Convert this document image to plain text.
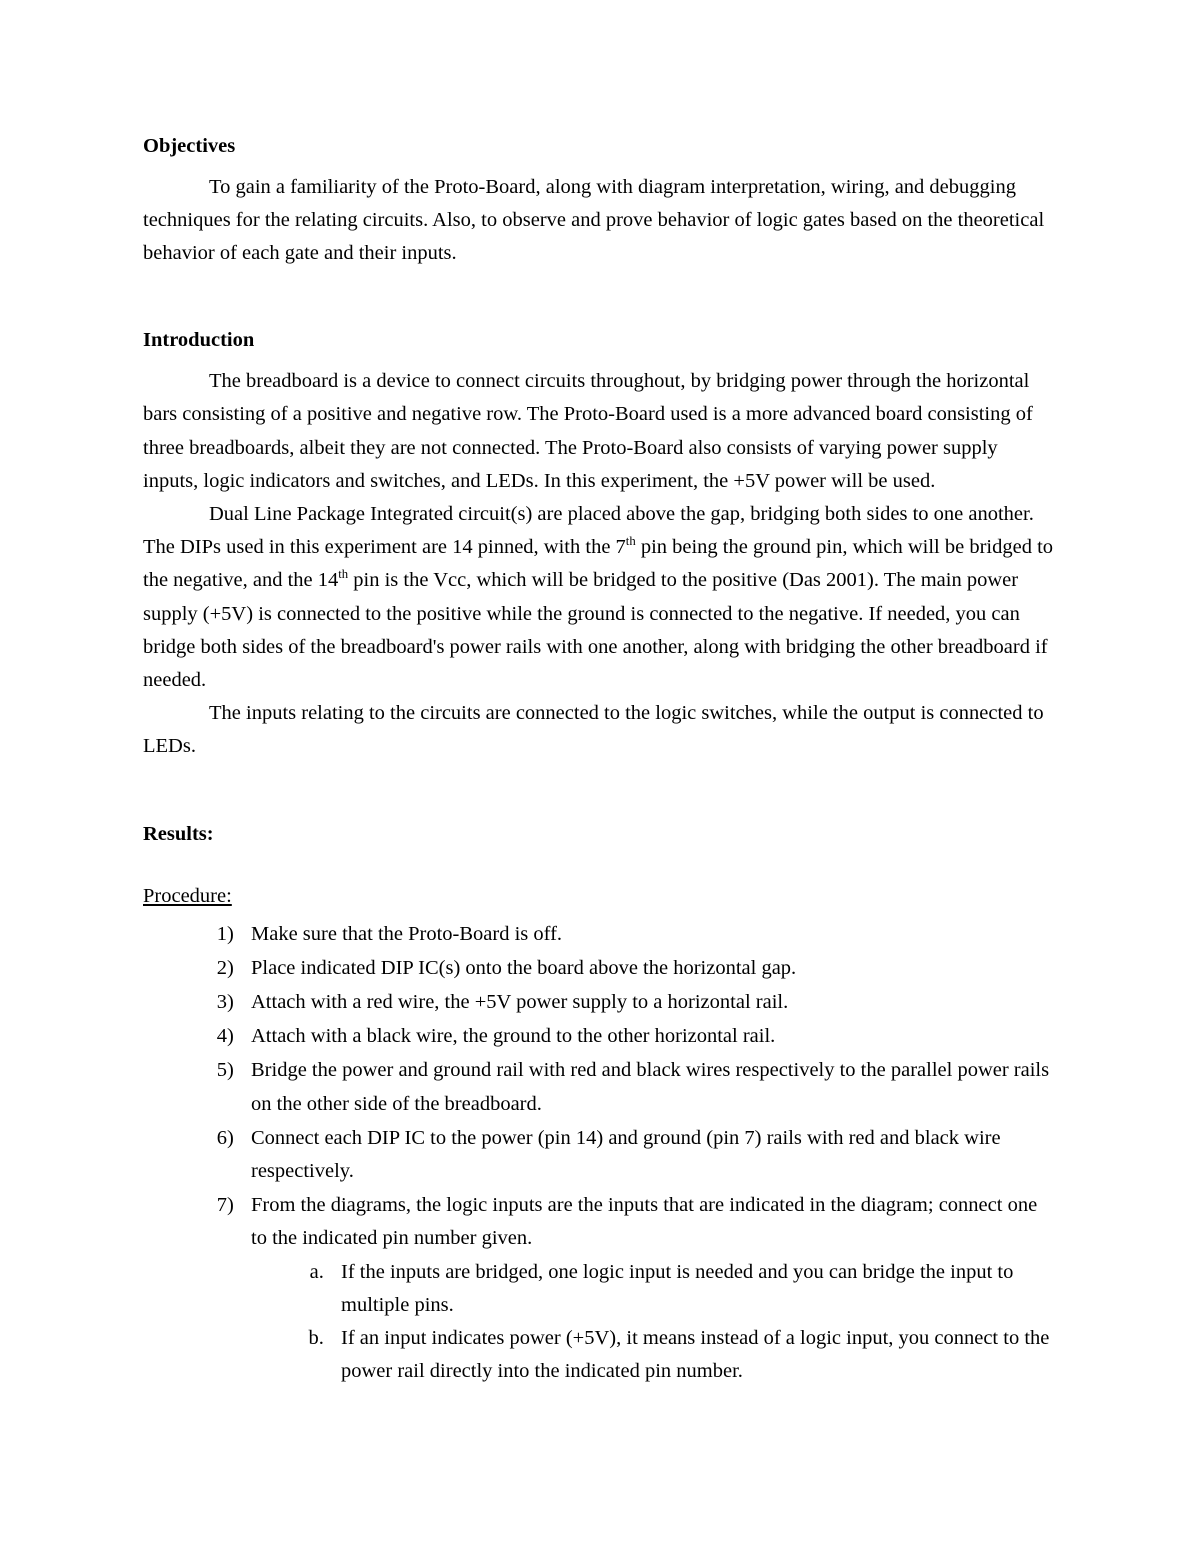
Objectives

To gain a familiarity of the Proto-Board, along with diagram interpretation, wiring, and debugging techniques for the relating circuits. Also, to observe and prove behavior of logic gates based on the theoretical behavior of each gate and their inputs.

Introduction

The breadboard is a device to connect circuits throughout, by bridging power through the horizontal bars consisting of a positive and negative row. The Proto-Board used is a more advanced board consisting of three breadboards, albeit they are not connected. The Proto-Board also consists of varying power supply inputs, logic indicators and switches, and LEDs. In this experiment, the +5V power will be used.

Dual Line Package Integrated circuit(s) are placed above the gap, bridging both sides to one another. The DIPs used in this experiment are 14 pinned, with the 7th pin being the ground pin, which will be bridged to the negative, and the 14th pin is the Vcc, which will be bridged to the positive (Das 2001). The main power supply (+5V) is connected to the positive while the ground is connected to the negative. If needed, you can bridge both sides of the breadboard's power rails with one another, along with bridging the other breadboard if needed.

The inputs relating to the circuits are connected to the logic switches, while the output is connected to LEDs.

Results:

Procedure:

1. Make sure that the Proto-Board is off.
2. Place indicated DIP IC(s) onto the board above the horizontal gap.
3. Attach with a red wire, the +5V power supply to a horizontal rail.
4. Attach with a black wire, the ground to the other horizontal rail.
5. Bridge the power and ground rail with red and black wires respectively to the parallel power rails on the other side of the breadboard.
6. Connect each DIP IC to the power (pin 14) and ground (pin 7) rails with red and black wire respectively.
7. From the diagrams, the logic inputs are the inputs that are indicated in the diagram; connect one to the indicated pin number given.
a. If the inputs are bridged, one logic input is needed and you can bridge the input to multiple pins.
b. If an input indicates power (+5V), it means instead of a logic input, you connect to the power rail directly into the indicated pin number.
